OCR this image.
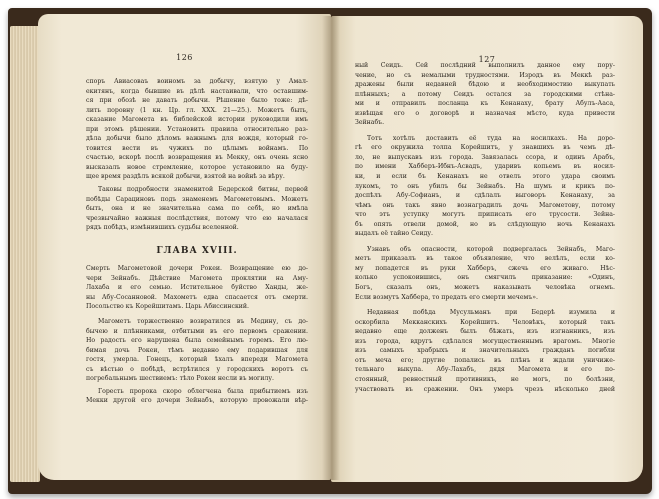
126

споръ Авиасоваъ воиномъ за добычу, взятую у Амал-

екитянъ, когда бывшие въ дѣлѣ настаивали, что оставшим-

ся при обозѣ не давать добычи. Рѣшение было тоже: дѣ-

лить поровну (1 кн. Цр. гл. XXX. 21—25.). Можетъ быть,

сказание Магомета въ библейской истории руководили имъ

при этомъ рѣшении. Установить правила относительно раз-

дѣла добычи было дѣломъ важнымъ для вождя, который го-

товится вести въ чужихъ по цѣлымъ войнамъ. По

счастью, вскорѣ послѣ возвращения въ Мекку, онъ очень ясно

высказалъ новое стремление, которое установило на буду-

щее время раздѣлъ всякой добычи, взятой на войнѣ за вѣру.

Таковы подробности знаменитой Бедерской битвы, первой

побѣды Сарациновъ подъ знаменемъ Магометовымъ. Можетъ

быть, она и не значительна сама по себѣ, но имѣла

чрезвычайно важныя послѣдствия, потому что ею началася

рядъ побѣдъ, измѣнившихъ судьбы вселенной.

ГЛАВА XVIII.

Смерть Магометовой дочери Рокеи. Возвращение ею до-

чери Зейнабъ. Дѣйствие Магомета проклятии на Аму-

Лахаба и его семью. Истительное буйство Ханды, же-

ны Абу-Сосанновой. Махометъ едва спасается отъ смерти.

Посольство къ Корейшитамъ. Царь Абиссинский.

Магометъ торжественно возвратился въ Медину, съ до-

бычею и плѣнниками, отбитыми въ его первомъ сражении.

Но радость его нарушена была семейнымъ горемъ. Его лю-

бимая дочь Рокеи, тѣмъ недавно ему подарившая для

гостя, умерла. Гонецъ, который ѣхалъ впереди Магомета

съ вѣстью о побѣдѣ, встрѣтился у городскихъ воротъ съ

погребальнымъ шествиемъ: тѣло Рокеи несли въ могилу.

Горесть пророка скоро облегчена была прибытиемъ изъ

Мекки другой его дочери Зейнабъ, которую провожали вѣр-

127

ный Сеидъ. Сей послѣдний выполнилъ данное ему пору-

чение, но съ немалыми трудностями. Изродъ въ Меккѣ раз-

дражены были недавней бѣдою и необходимостию выкупать

плѣнныхъ; а потому Сеидъ остался за городскими стѣна-

ми и отправилъ посланца къ Кенанаху, брату Абулъ-Ааса,

извѣщая его о договорѣ и назначая мѣсто, куда привести

Зейнабъ.

Тотъ хотѣлъ доставить её туда на носилкахъ. На доро-

гѣ его окружила толпа Корейшитъ, у знавшихъ въ чемъ дѣ-

ло, не выпускавъ изъ города. Завязалась ссора, и одинъ Арабъ,

по имени Хабберъ-Ибнъ-Асвадъ, ударивъ копьемъ въ носил-

ки, и если бъ Кенанахъ не отвелъ этого удара своимъ

лукомъ, то онъ убилъ бы Зейнабъ. На шумъ и крикъ по-

доспѣлъ Абу-Софианъ, и сдѣлалъ выговоръ Кенанаху, за

чѣмъ онъ такъ явно вознаградилъ дочь Магометову, потому

что этъ уступку могутъ приписать его трусости. Зейна-

бъ опять отвели домой, но въ слѣдующую ночь Кенанахъ

выдалъ её тайно Сеиду.

Узнавъ объ опасности, которой подвергалась Зейнабъ, Маго-

метъ приказалъ въ такое объявление, что велѣлъ, если ко-

му попадется въ руки Хабберъ, сжечь его живаго. Нѣс-

колько успокоившись, онъ смягчилъ приказание: «Одинъ,

Богъ, сказалъ онъ, можетъ наказывать человѣка огнемъ.

Если возмутъ Хаббера, то предать его смерти мечемъ».

Недавная побѣда Мусульманъ при Бедерѣ изумила и

оскорбила Мекканскихъ Корейшитъ. Человѣкъ, который такъ

недавно еще долженъ былъ бѣжать, изъ изгнанникъ, изъ

изъ города, вдругъ сдѣлался могущественнымъ врагомъ. Многіе

изъ самыхъ храбрыхъ и значительныхъ гражданъ погибли

отъ меча его; другие попались въ плѣнъ и ждали уничиже-

тельнаго выкупа. Абу-Лахабъ, дядя Магомета и его по-

стоянный, ревностный противникъ, не могъ, по болѣзни,

участвовать въ сражении. Онъ умеръ чрезъ нѣсколько дней
